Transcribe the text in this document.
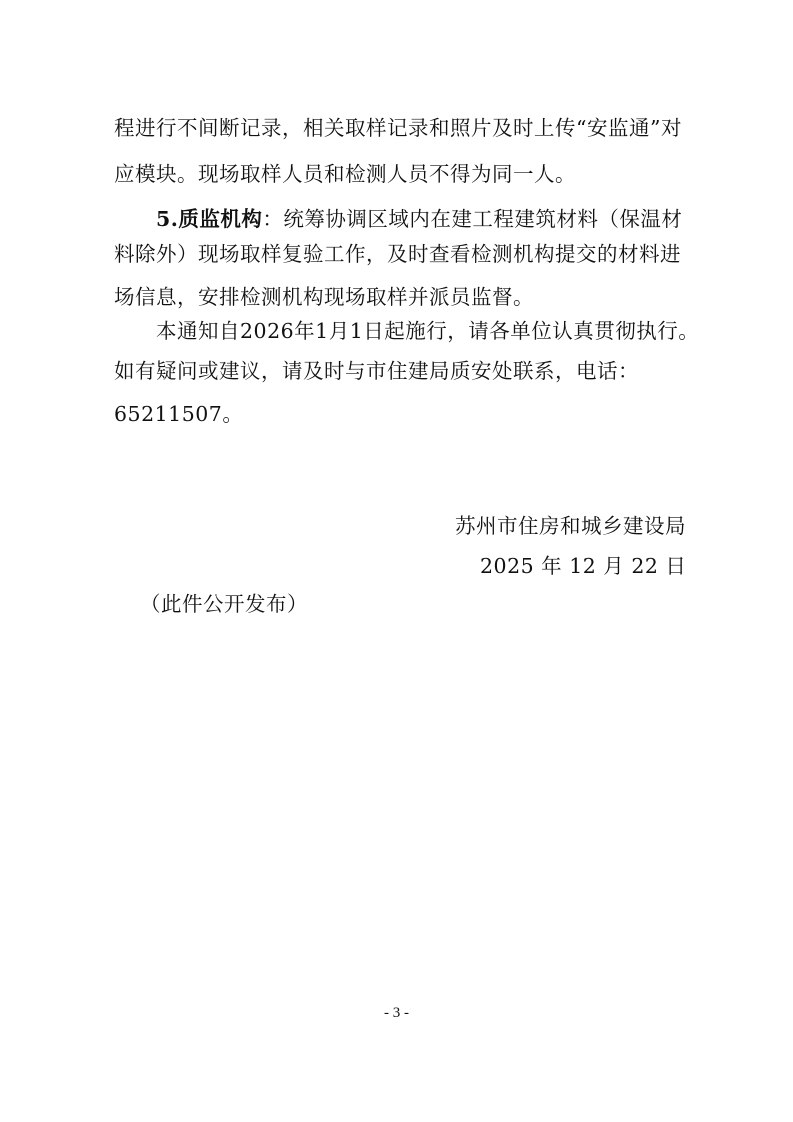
程进行不间断记录，相关取样记录和照片及时上传“安监通”对
应模块。现场取样人员和检测人员不得为同一人。
5.质监机构：统筹协调区域内在建工程建筑材料（保温材
料除外）现场取样复验工作，及时查看检测机构提交的材料进
场信息，安排检测机构现场取样并派员监督。
本通知自2026年1月1日起施行，请各单位认真贯彻执行。
如有疑问或建议，请及时与市住建局质安处联系，电话：
65211507。
苏州市住房和城乡建设局
2025 年 12 月 22 日
（此件公开发布）
- 3 -
